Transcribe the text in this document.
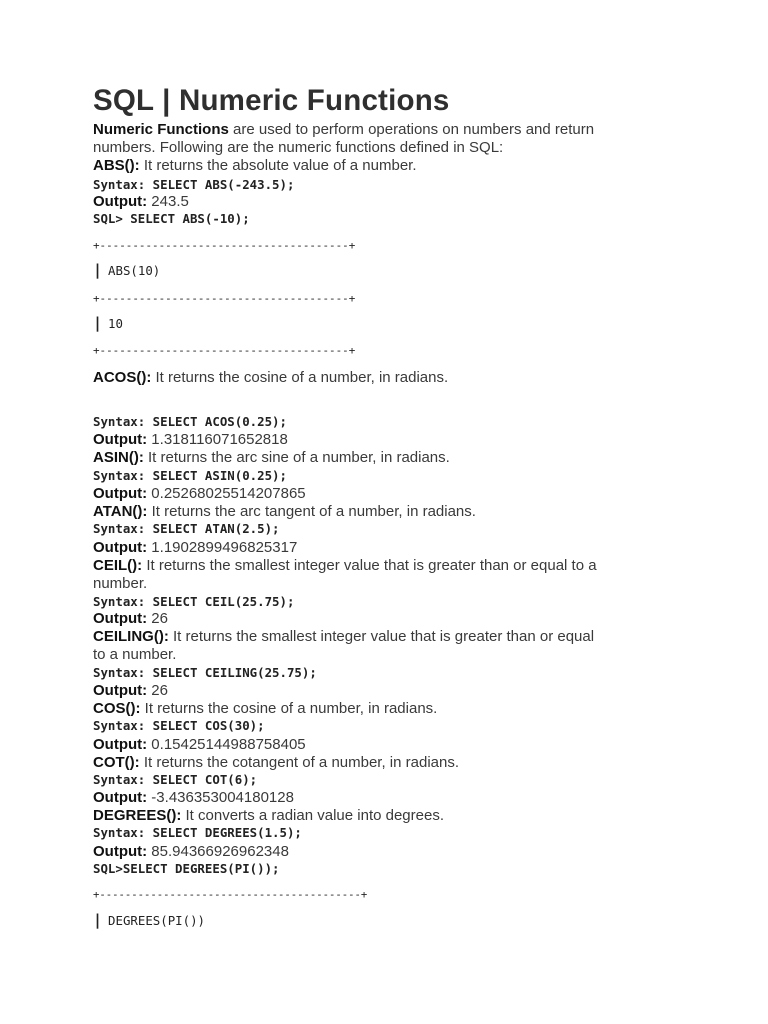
SQL | Numeric Functions
Numeric Functions are used to perform operations on numbers and return
numbers. Following are the numeric functions defined in SQL:
ABS(): It returns the absolute value of a number.
Syntax: SELECT ABS(-243.5);
Output: 243.5
SQL> SELECT ABS(-10);
+--------------------------------------+
| ABS(10)
+--------------------------------------+
| 10
+--------------------------------------+
ACOS(): It returns the cosine of a number, in radians.
Syntax: SELECT ACOS(0.25);
Output: 1.318116071652818
ASIN(): It returns the arc sine of a number, in radians.
Syntax: SELECT ASIN(0.25);
Output: 0.25268025514207865
ATAN(): It returns the arc tangent of a number, in radians.
Syntax: SELECT ATAN(2.5);
Output: 1.1902899496825317
CEIL(): It returns the smallest integer value that is greater than or equal to a
number.
Syntax: SELECT CEIL(25.75);
Output: 26
CEILING(): It returns the smallest integer value that is greater than or equal
to a number.
Syntax: SELECT CEILING(25.75);
Output: 26
COS(): It returns the cosine of a number, in radians.
Syntax: SELECT COS(30);
Output: 0.15425144988758405
COT(): It returns the cotangent of a number, in radians.
Syntax: SELECT COT(6);
Output: -3.436353004180128
DEGREES(): It converts a radian value into degrees.
Syntax: SELECT DEGREES(1.5);
Output: 85.94366926962348
SQL>SELECT DEGREES(PI());
+-----------------------------------------+
| DEGREES(PI())
